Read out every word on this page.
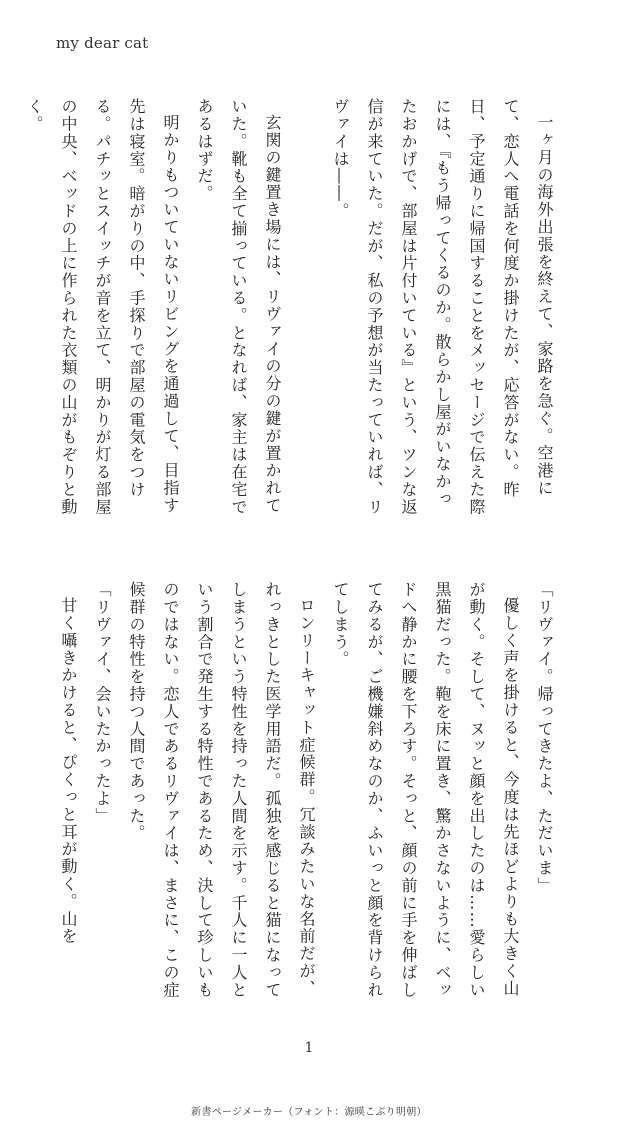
my dear cat

一ヶ月の海外出張を終えて、家路を急ぐ。空港にて、恋人へ電話を何度か掛けたが、応答がない。昨日、予定通りに帰国することをメッセージで伝えた際には、『もう帰ってくるのか。散らかし屋がいなかったおかげで、部屋は片付いている』という、ツンな返信が来ていた。だが、私の予想が当たっていれば、リヴァイは――。

玄関の鍵置き場には、リヴァイの分の鍵が置かれていた。靴も全て揃っている。となれば、家主は在宅であるはずだ。

明かりもついていないリビングを通過して、目指す先は寝室。暗がりの中、手探りで部屋の電気をつける。パチッとスイッチが音を立て、明かりが灯る部屋の中央、ベッドの上に作られた衣類の山がもぞりと動く。

「リヴァイ。帰ってきたよ、ただいま」

優しく声を掛けると、今度は先ほどよりも大きく山が動く。そして、ヌッと顔を出したのは……愛らしい黒猫だった。鞄を床に置き、驚かさないように、ベッドへ静かに腰を下ろす。そっと、顔の前に手を伸ばしてみるが、ご機嫌斜めなのか、ふいっと顔を背けられてしまう。

ロンリーキャット症候群。冗談みたいな名前だが、れっきとした医学用語だ。孤独を感じると猫になってしまうという特性を持った人間を示す。千人に一人という割合で発生する特性であるため、決して珍しいものではない。恋人であるリヴァイは、まさに、この症候群の特性を持つ人間であった。

「リヴァイ、会いたかったよ」

甘く囁きかけると、ぴくっと耳が動く。山を

1
新書ページメーカー（フォント：源暎こぶり明朝）
